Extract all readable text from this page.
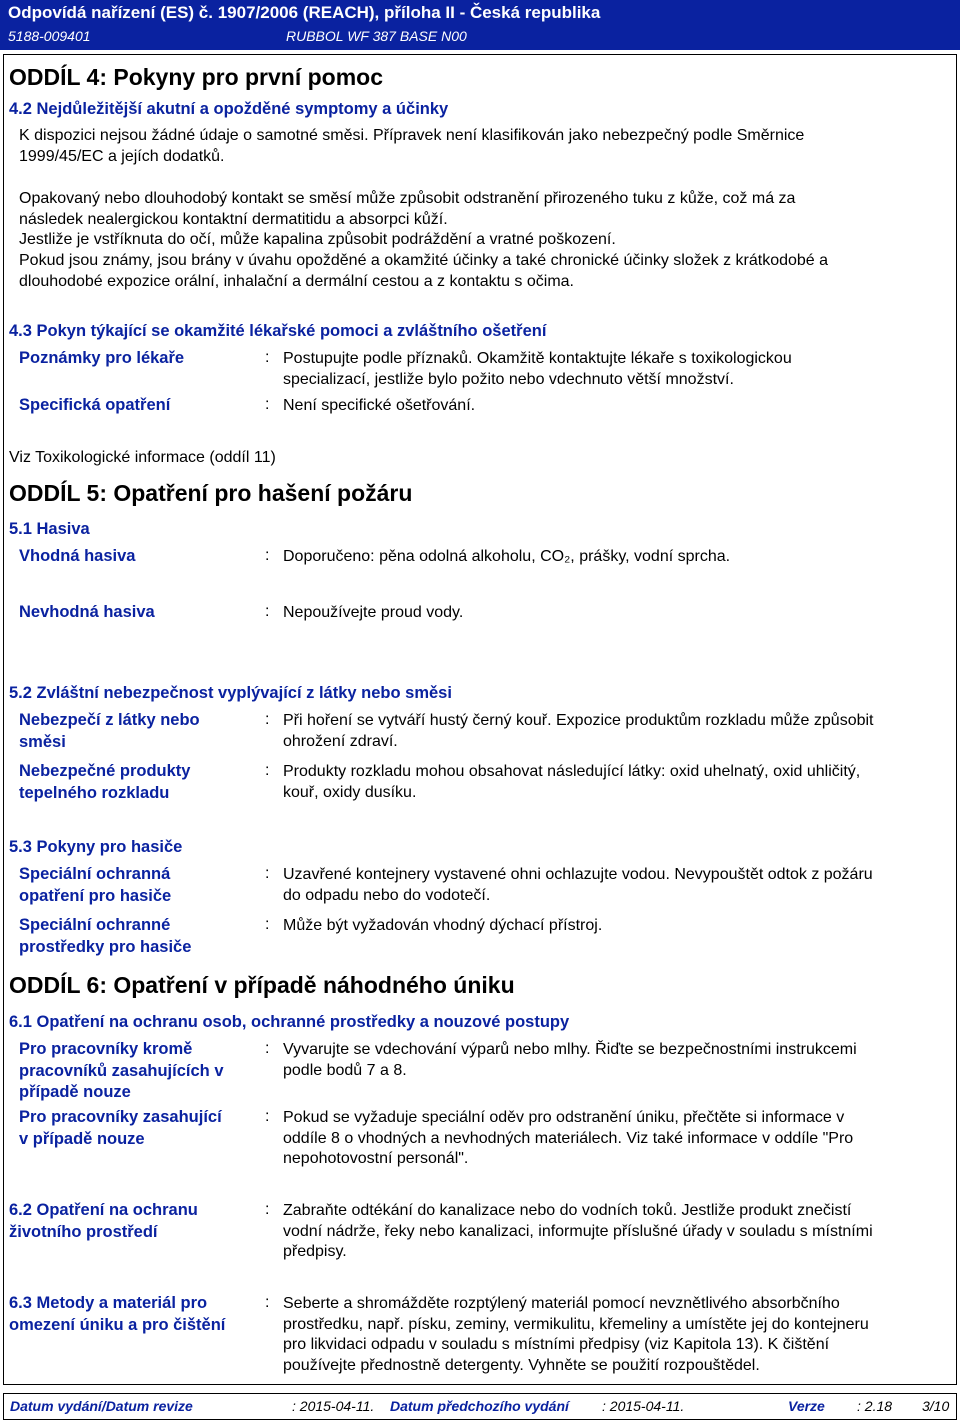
Odpovídá nařízení (ES) č. 1907/2006 (REACH), příloha II - Česká republika
5188-009401	RUBBOL WF 387 BASE N00
ODDÍL 4: Pokyny pro první pomoc
4.2 Nejdůležitější akutní a opožděné symptomy a účinky
K dispozici nejsou žádné údaje o samotné směsi. Přípravek není klasifikován jako nebezpečný podle Směrnice
1999/45/EC a jejích dodatků.
Opakovaný nebo dlouhodobý kontakt se směsí může způsobit odstranění přirozeného tuku z kůže, což má za
následek nealergickou kontaktní dermatitidu a absorpci kůží.
Jestliže je vstříknuta do očí, může kapalina způsobit podráždění a vratné poškození.
Pokud jsou známy, jsou brány v úvahu opožděné a okamžité účinky a také chronické účinky složek z krátkodobé a
dlouhodobé expozice orální, inhalační a dermální cestou a z kontaktu s očima.
4.3 Pokyn týkající se okamžité lékařské pomoci a zvláštního ošetření
Poznámky pro lékaře	: Postupujte podle příznaků. Okamžitě kontaktujte lékaře s toxikologickou
specializací, jestliže bylo požito nebo vdechnuto větší množství.
Specifická opatření	: Není specifické ošetřování.
Viz Toxikologické informace (oddíl 11)
ODDÍL 5: Opatření pro hašení požáru
5.1 Hasiva
Vhodná hasiva	: Doporučeno: pěna odolná alkoholu, CO₂, prášky, vodní sprcha.
Nevhodná hasiva	: Nepoužívejte proud vody.
5.2 Zvláštní nebezpečnost vyplývající z látky nebo směsi
Nebezpečí z látky nebo
směsi
: Při hoření se vytváří hustý černý kouř. Expozice produktům rozkladu může způsobit
ohrožení zdraví.
Nebezpečné produkty
tepelného rozkladu
: Produkty rozkladu mohou obsahovat následující látky: oxid uhelnatý, oxid uhličitý,
kouř, oxidy dusíku.
5.3 Pokyny pro hasiče
Speciální ochranná
opatření pro hasiče
: Uzavřené kontejnery vystavené ohni ochlazujte vodou. Nevypouštět odtok z požáru
do odpadu nebo do vodotečí.
Speciální ochranné
prostředky pro hasiče
: Může být vyžadován vhodný dýchací přístroj.
ODDÍL 6: Opatření v případě náhodného úniku
6.1 Opatření na ochranu osob, ochranné prostředky a nouzové postupy
Pro pracovníky kromě
pracovníků zasahujících v
případě nouze
: Vyvarujte se vdechování výparů nebo mlhy. Řiďte se bezpečnostními instrukcemi
podle bodů 7 a 8.
Pro pracovníky zasahující
v případě nouze
: Pokud se vyžaduje speciální oděv pro odstranění úniku, přečtěte si informace v
oddíle 8 o vhodných a nevhodných materiálech. Viz také informace v oddíle "Pro
nepohotovostní personál".
6.2 Opatření na ochranu
životního prostředí
: Zabraňte odtékání do kanalizace nebo do vodních toků. Jestliže produkt znečistí
vodní nádrže, řeky nebo kanalizaci, informujte příslušné úřady v souladu s místními
předpisy.
6.3 Metody a materiál pro
omezení úniku a pro čištění
: Seberte a shromážděte rozptýlený materiál pomocí nevznětlivého absorbčního
prostředku, např. písku, zeminy, vermikulitu, křemeliny a umístěte jej do kontejneru
pro likvidaci odpadu v souladu s místními předpisy (viz Kapitola 13). K čištění
používejte přednostně detergenty. Vyhněte se použití rozpouštědel.
Datum vydání/Datum revize	: 2015-04-11. Datum předchozího vydání : 2015-04-11.	Verze : 2.18 3/10
